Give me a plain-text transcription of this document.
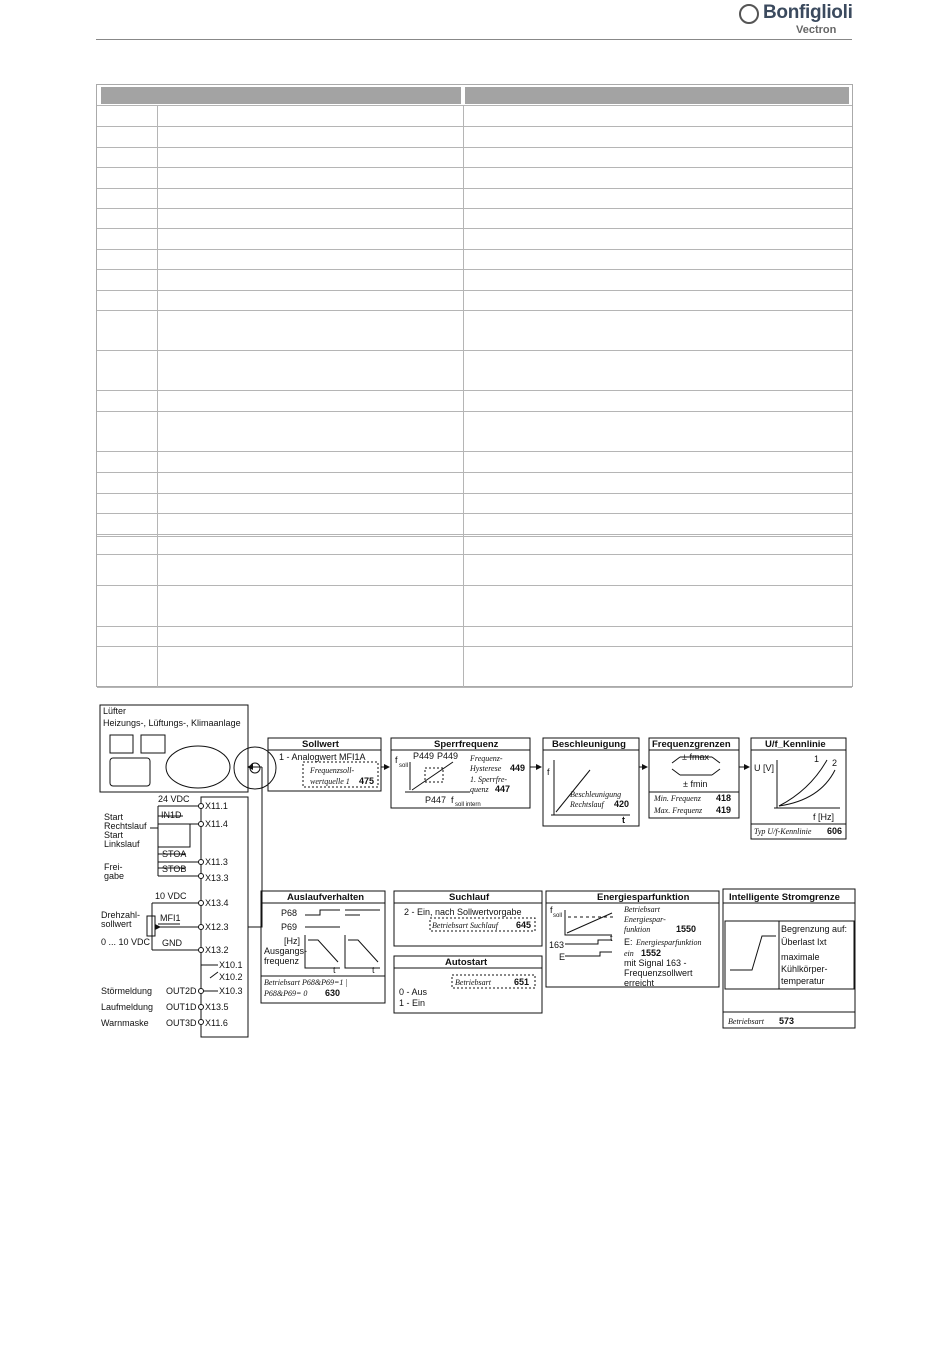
Bonfiglioli
Vectron
Lüfter
Heizungs-, Lüftungs-, Klimaanlage
24 VDC
X11.1
IN1D
X11.4
Start
Rechtslauf
Start
Linkslauf
STOA
X11.3
STOB
X13.3
Frei-
gabe
10 VDC
X13.4
MFI1
X12.3
Drehzahl-
sollwert
0 ... 10 VDC GND
X13.2
X10.1
X10.2
X10.3
Störmeldung OUT2D
Laufmeldung OUT1D X13.5
Warnmaske OUT3D X11.6
Sollwert
1 - Analogwert MFI1A
Frequenzsoll-
wertquelle 1 475
Sperrfrequenz
P449 P449 Frequenz-
Hysterese 449
1. Sperrfre-
quenz 447
P447
f
soll
f soll intern
Beschleunigung
f
t
Beschleunigung
Rechtslauf 420
Frequenzgrenzen
± fmax
± fmin
Min. Frequenz 418
Max. Frequenz 419
U/f_Kennlinie
U [V]
f [Hz]
1 2
Typ U/f-Kennlinie 606
Auslaufverhalten
P68
P69
[Hz]
Ausgangs-
frequenz
t	t
Betriebsart P68&P69=1 |
P68&P69= 0 630
Suchlauf
2 - Ein, nach Sollwertvorgabe
Betriebsart Suchlauf 645
Autostart
Betriebsart	651
0 - Aus
1 - Ein
Energiesparfunktion
f
soll
Betriebsart
Energiespar-
funktion	1550
163
E
t E: Energiesparfunktion
ein 1552
mit Signal 163 -
Frequenzsollwert
erreicht
Intelligente Stromgrenze
Begrenzung auf:
Überlast Ixt
maximale
Kühlkörper-
temperatur
Betriebsart 573
